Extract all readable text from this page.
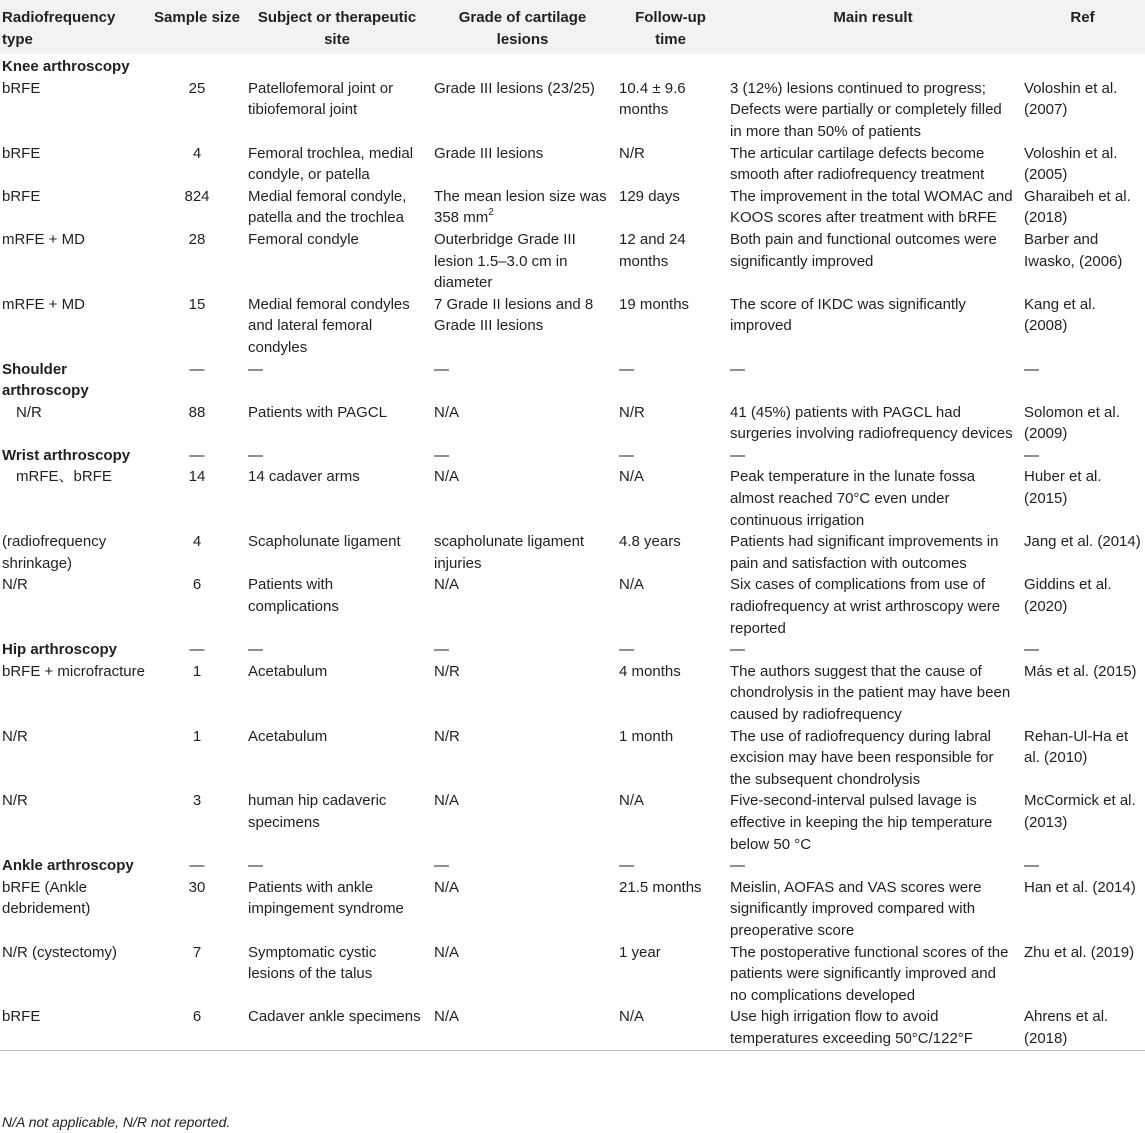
Radiofrequency type	Sample size	Subject or therapeutic site	Grade of cartilage lesions	Follow-up time	Main result	Ref
Knee arthroscopy						
bRFE	25	Patellofemoral joint or tibiofemoral joint	Grade III lesions (23/25)	10.4 ± 9.6 months	3 (12%) lesions continued to progress; Defects were partially or completely filled in more than 50% of patients	Voloshin et al. (2007)
bRFE	4	Femoral trochlea, medial condyle, or patella	Grade III lesions	N/R	The articular cartilage defects become smooth after radiofrequency treatment	Voloshin et al. (2005)
bRFE	824	Medial femoral condyle, patella and the trochlea	The mean lesion size was 358 $mm^2$	129 days	The improvement in the total WOMAC and KOOS scores after treatment with bRFE	Gharaibeh et al. (2018)
mRFE + MD	28	Femoral condyle	Outerbridge Grade III lesion 1.5–3.0 cm in diameter	12 and 24 months	Both pain and functional outcomes were significantly improved	Barber and Iwasko, (2006)
mRFE + MD	15	Medial femoral condyles and lateral femoral condyles	7 Grade II lesions and 8 Grade III lesions	19 months	The score of IKDC was significantly improved	Kang et al. (2008)
Shoulder arthroscopy	—	—	—	—	—	—
N/R	88	Patients with PAGCL	N/A	N/R	41 (45%) patients with PAGCL had surgeries involving radiofrequency devices	Solomon et al. (2009)
Wrist arthroscopy	—	—	—	—	—	—
mRFE、bRFE	14	14 cadaver arms	N/A	N/A	Peak temperature in the lunate fossa almost reached 70°C even under continuous irrigation	Huber et al. (2015)
(radiofrequency shrinkage)	4	Scapholunate ligament	scapholunate ligament injuries	4.8 years	Patients had significant improvements in pain and satisfaction with outcomes	Jang et al. (2014)
N/R	6	Patients with complications	N/A	N/A	Six cases of complications from use of radiofrequency at wrist arthroscopy were reported	Giddins et al. (2020)
Hip arthroscopy	—	—	—	—	—	—
bRFE + microfracture	1	Acetabulum	N/R	4 months	The authors suggest that the cause of chondrolysis in the patient may have been caused by radiofrequency	Más et al. (2015)
N/R	1	Acetabulum	N/R	1 month	The use of radiofrequency during labral excision may have been responsible for the subsequent chondrolysis	Rehan-Ul-Ha et al. (2010)
N/R	3	human hip cadaveric specimens	N/A	N/A	Five-second-interval pulsed lavage is effective in keeping the hip temperature below 50 °C	McCormick et al. (2013)
Ankle arthroscopy	—	—	—	—	—	—
bRFE (Ankle debridement)	30	Patients with ankle impingement syndrome	N/A	21.5 months	Meislin, AOFAS and VAS scores were significantly improved compared with preoperative score	Han et al. (2014)
N/R (cystectomy)	7	Symptomatic cystic lesions of the talus	N/A	1 year	The postoperative functional scores of the patients were significantly improved and no complications developed	Zhu et al. (2019)
bRFE	6	Cadaver ankle specimens	N/A	N/A	Use high irrigation flow to avoid temperatures exceeding 50°C/122°F	Ahrens et al. (2018)
N/A not applicable, N/R not reported.
